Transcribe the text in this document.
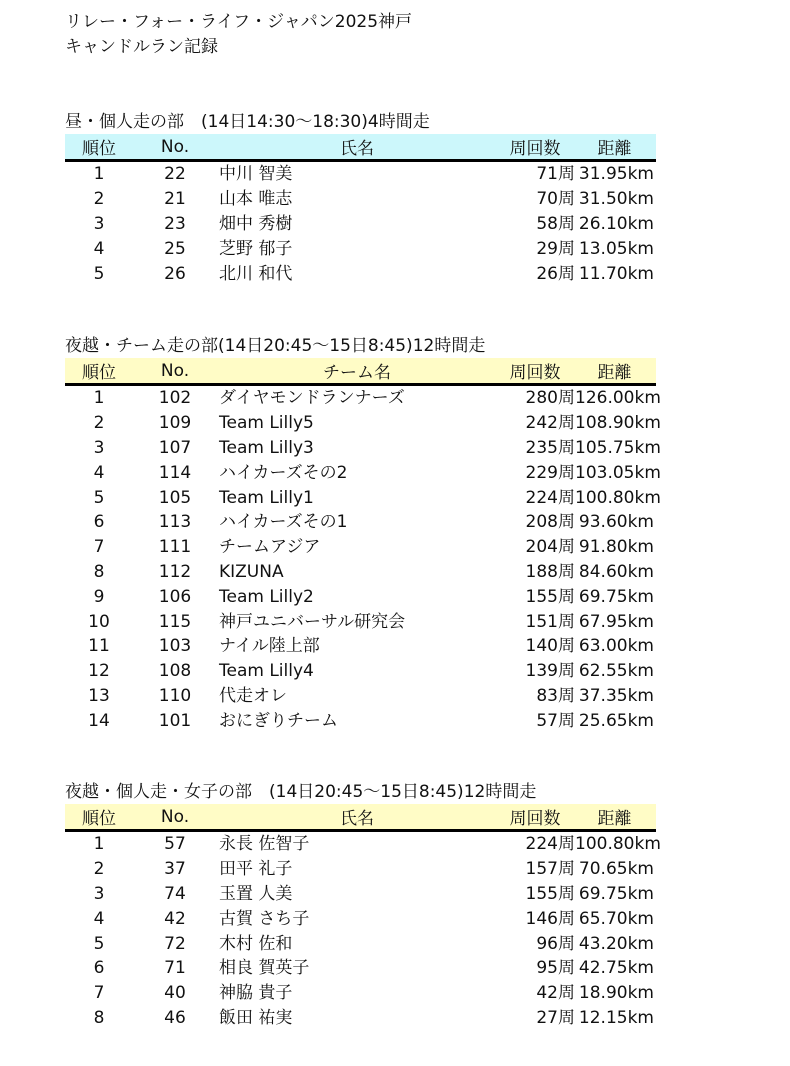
リレー・フォー・ライフ・ジャパン2025神戸
キャンドルラン記録
昼・個人走の部　(14日14:30～18:30)4時間走
順位	No.	氏名	周回数	距離
1	22	中川 智美	71周	31.95km
2	21	山本 唯志	70周	31.50km
3	23	畑中 秀樹	58周	26.10km
4	25	芝野 郁子	29周	13.05km
5	26	北川 和代	26周	11.70km
夜越・チーム走の部(14日20:45～15日8:45)12時間走
順位	No.	チーム名	周回数	距離
1	102	ダイヤモンドランナーズ	280周	126.00km
2	109	Team Lilly5	242周	108.90km
3	107	Team Lilly3	235周	105.75km
4	114	ハイカーズその2	229周	103.05km
5	105	Team Lilly1	224周	100.80km
6	113	ハイカーズその1	208周	93.60km
7	111	チームアジア	204周	91.80km
8	112	KIZUNA	188周	84.60km
9	106	Team Lilly2	155周	69.75km
10	115	神戸ユニバーサル研究会	151周	67.95km
11	103	ナイル陸上部	140周	63.00km
12	108	Team Lilly4	139周	62.55km
13	110	代走オレ	83周	37.35km
14	101	おにぎりチーム	57周	25.65km
夜越・個人走・女子の部　(14日20:45～15日8:45)12時間走
順位	No.	氏名	周回数	距離
1	57	永長 佐智子	224周	100.80km
2	37	田平 礼子	157周	70.65km
3	74	玉置 人美	155周	69.75km
4	42	古賀 さち子	146周	65.70km
5	72	木村 佐和	96周	43.20km
6	71	相良 賀英子	95周	42.75km
7	40	神脇 貴子	42周	18.90km
8	46	飯田 祐実	27周	12.15km
